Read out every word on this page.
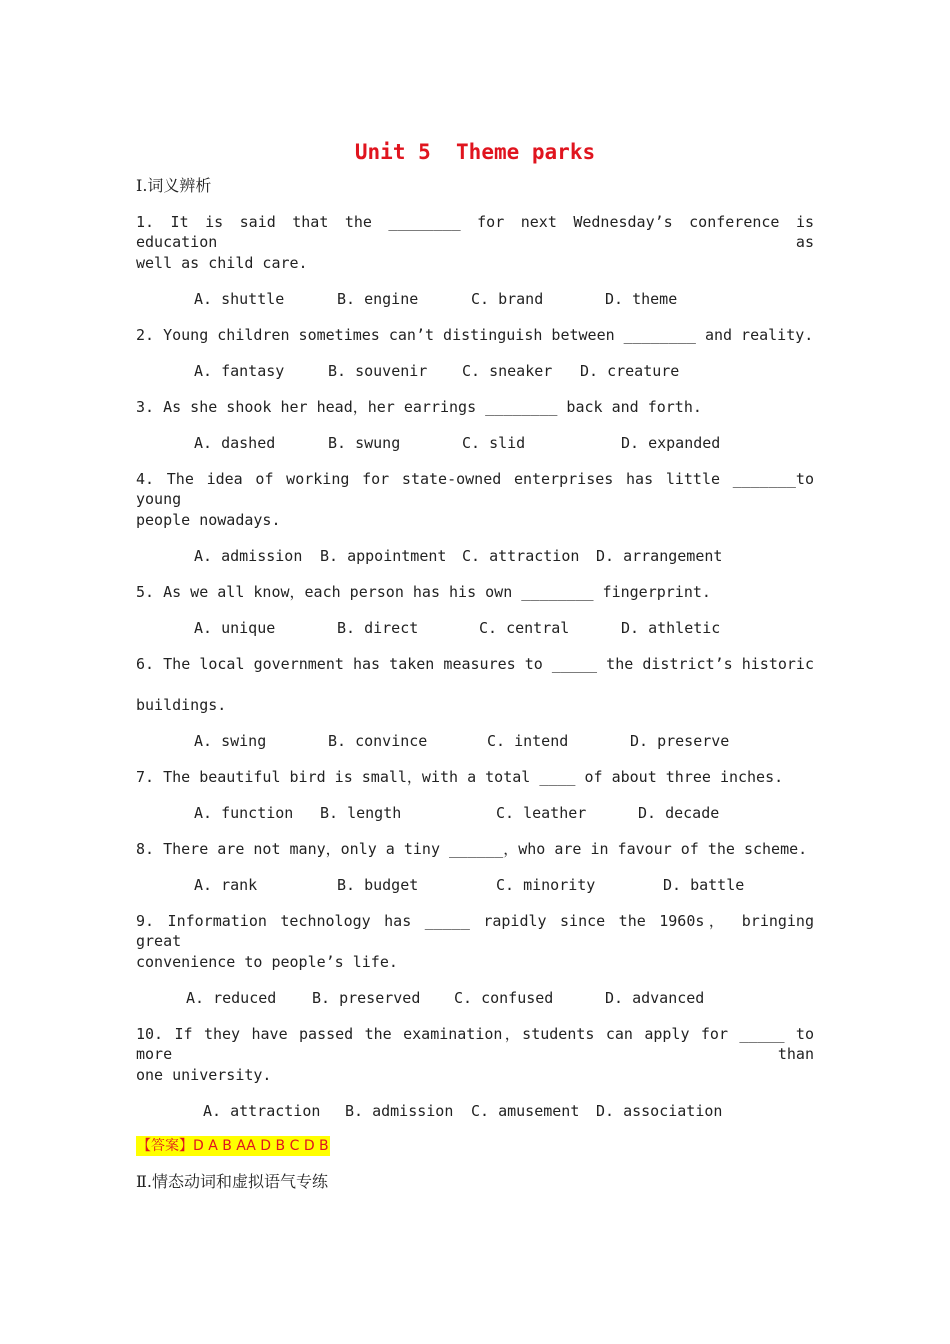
Unit 5  Theme parks
Ⅰ.词义辨析
1. It is said that the ________ for next Wednesday’s conference is education as
well as child care.
A. shuttle	B. engine	C. brand	D. theme
2. Young children sometimes can’t distinguish between ________ and reality.
A. fantasy	B. souvenir C. sneaker D. creature
3. As she shook her head，her earrings ________ back and forth.
A. dashed	B. swung	C. slid	D. expanded
4. The idea of working for state-owned enterprises has little _______to young
people nowadays.
A. admission B. appointment C. attraction D. arrangement
5. As we all know，each person has his own ________ fingerprint.
A. unique	B. direct	C. central	D. athletic
6. The local government has taken measures to _____ the district’s historic
buildings.
A. swing	B. convince	C. intend	D. preserve
7. The beautiful bird is small，with a total ____ of about three inches.
A. function B. length	C. leather	D. decade
8. There are not many，only a tiny ______，who are in favour of the scheme.
A. rank	B. budget	C. minority	D. battle
9. Information technology has _____ rapidly since the 1960s， bringing great
convenience to people’s life.
A. reduced B. preserved C. confused	D. advanced
10. If they have passed the examination，students can apply for _____ to more than
one university.
A. attraction B. admission C. amusement D. association
【答案】D A B AA D B C D B
Ⅱ.情态动词和虚拟语气专练
